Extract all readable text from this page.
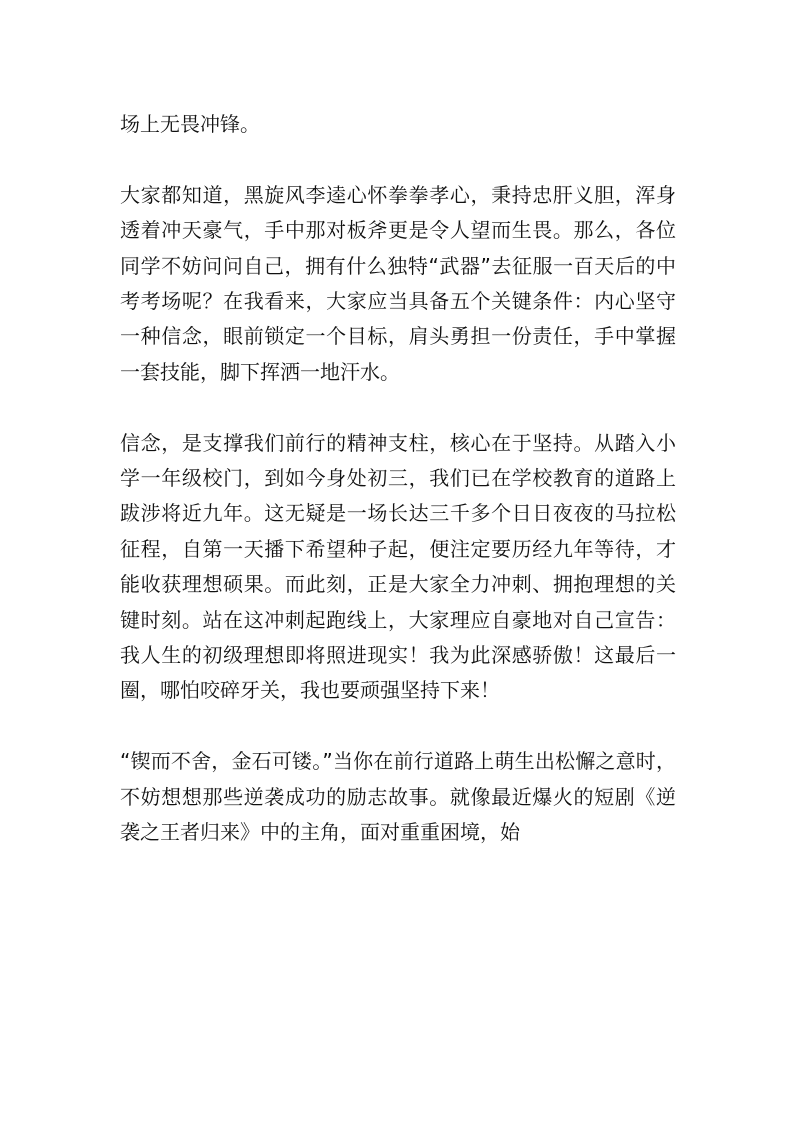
场上无畏冲锋。

大家都知道，黑旋风李逵心怀拳拳孝心，秉持忠肝义胆，浑身透着冲天豪气，手中那对板斧更是令人望而生畏。那么，各位同学不妨问问自己，拥有什么独特“武器”去征服一百天后的中考考场呢？在我看来，大家应当具备五个关键条件：内心坚守一种信念，眼前锁定一个目标，肩头勇担一份责任，手中掌握一套技能，脚下挥洒一地汗水。

信念，是支撑我们前行的精神支柱，核心在于坚持。从踏入小学一年级校门，到如今身处初三，我们已在学校教育的道路上跋涉将近九年。这无疑是一场长达三千多个日日夜夜的马拉松征程，自第一天播下希望种子起，便注定要历经九年等待，才能收获理想硕果。而此刻，正是大家全力冲刺、拥抱理想的关键时刻。站在这冲刺起跑线上，大家理应自豪地对自己宣告：我人生的初级理想即将照进现实！我为此深感骄傲！这最后一圈，哪怕咬碎牙关，我也要顽强坚持下来！

“锲而不舍，金石可镂。”当你在前行道路上萌生出松懈之意时，不妨想想那些逆袭成功的励志故事。就像最近爆火的短剧《逆袭之王者归来》中的主角，面对重重困境，始
